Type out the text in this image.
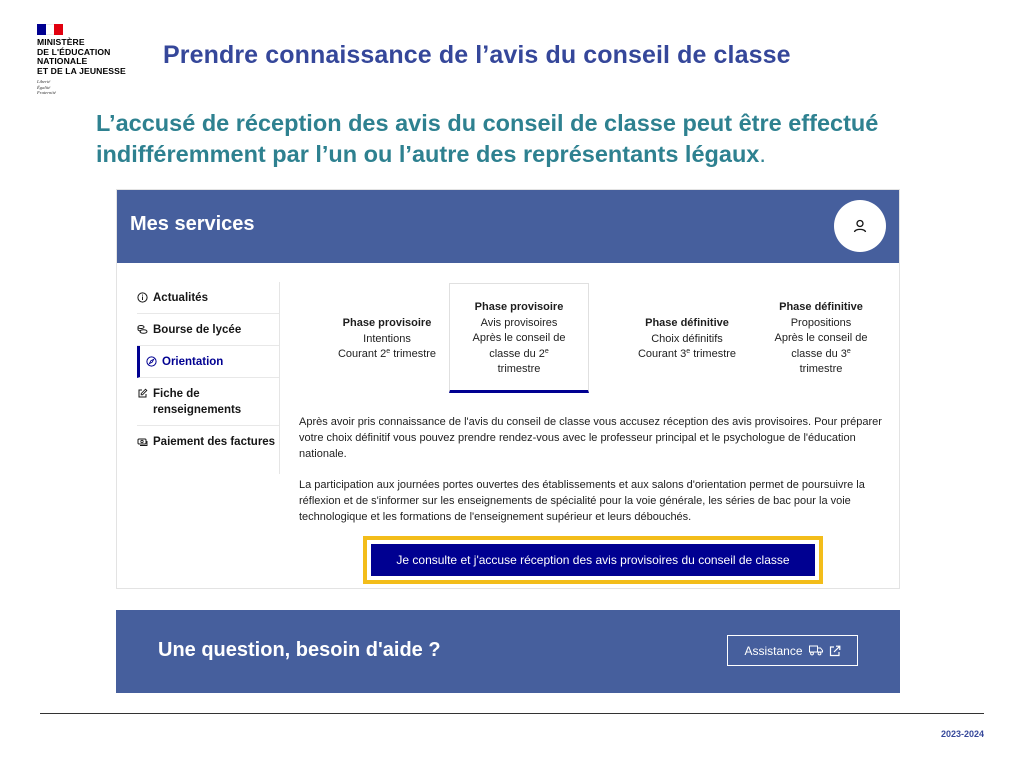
MINISTÈRE
DE L'ÉDUCATION
NATIONALE
ET DE LA JEUNESSE
Liberté
Égalité
Fraternité
Prendre connaissance de l’avis du conseil de classe
L’accusé de réception des avis du conseil de classe peut être effectué indifféremment par l’un ou l’autre des représentants légaux.
Mes services
Actualités
Bourse de lycée
Orientation
Fiche de renseignements
Paiement des factures
Phase provisoire
Intentions
Courant 2e trimestre
Phase provisoire
Avis provisoires
Après le conseil de
classe du 2e
trimestre
Phase définitive
Choix définitifs
Courant 3e trimestre
Phase définitive
Propositions
Après le conseil de
classe du 3e
trimestre

Après avoir pris connaissance de l'avis du conseil de classe vous accusez réception des avis provisoires. Pour préparer votre choix définitif vous pouvez prendre rendez-vous avec le professeur principal et le psychologue de l'éducation nationale.

La participation aux journées portes ouvertes des établissements et aux salons d'orientation permet de poursuivre la réflexion et de s'informer sur les enseignements de spécialité pour la voie générale, les séries de bac pour la voie technologique et les formations de l'enseignement supérieur et leurs débouchés.

Je consulte et j'accuse réception des avis provisoires du conseil de classe
Une question, besoin d'aide ?	Assistance
2023-2024
